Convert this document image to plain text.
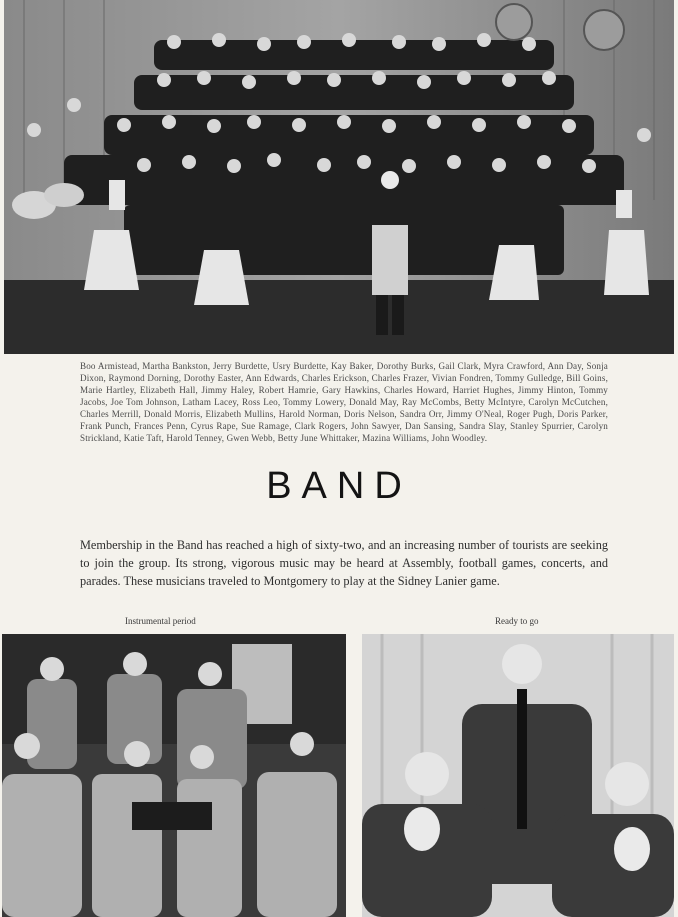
Boo Armistead, Martha Bankston, Jerry Burdette, Usry Burdette, Kay Baker, Dorothy Burks, Gail Clark, Myra Crawford, Ann Day, Sonja Dixon, Raymond Dorning, Dorothy Easter, Ann Edwards, Charles Erickson, Charles Frazer, Vivian Fondren, Tommy Gulledge, Bill Goins, Marie Hartley, Elizabeth Hall, Jimmy Haley, Robert Hamrie, Gary Hawkins, Charles Howard, Harriet Hughes, Jimmy Hinton, Tommy Jacobs, Joe Tom Johnson, Latham Lacey, Ross Leo, Tommy Lowery, Donald May, Ray McCombs, Betty McIntyre, Carolyn McCutchen, Charles Merrill, Donald Morris, Elizabeth Mullins, Harold Norman, Doris Nelson, Sandra Orr, Jimmy O'Neal, Roger Pugh, Doris Parker, Frank Punch, Frances Penn, Cyrus Rape, Sue Ramage, Clark Rogers, John Sawyer, Dan Sansing, Sandra Slay, Stanley Spurrier, Carolyn Strickland, Katie Taft, Harold Tenney, Gwen Webb, Betty June Whittaker, Mazina Williams, John Woodley.
BAND
Membership in the Band has reached a high of sixty-two, and an increasing number of tourists are seeking to join the group. Its strong, vigorous music may be heard at Assembly, football games, concerts, and parades. These musicians traveled to Montgomery to play at the Sidney Lanier game.
Instrumental period	Ready to go
